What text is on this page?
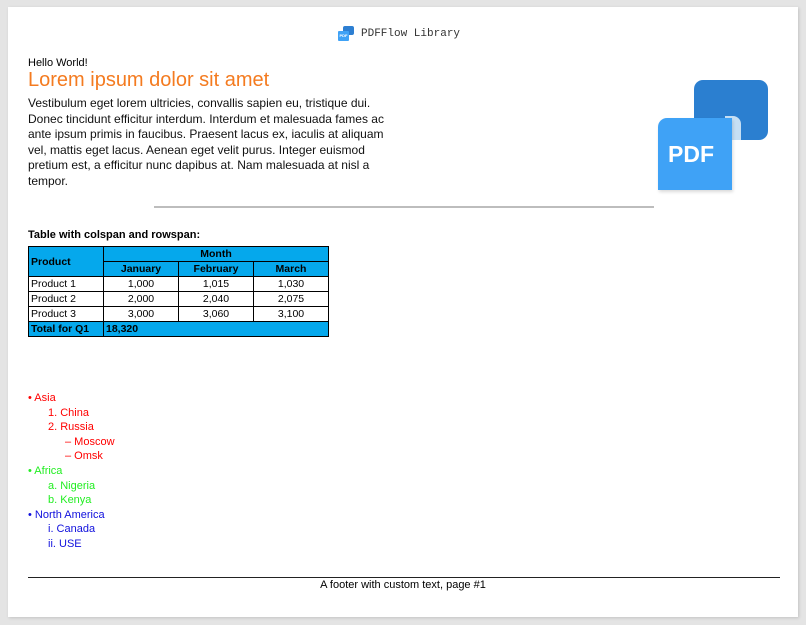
PDF PDFFlow Library
Hello World!
Lorem ipsum dolor sit amet
Vestibulum eget lorem ultricies, convallis sapien eu, tristique dui. Donec tincidunt efficitur interdum. Interdum et malesuada fames ac ante ipsum primis in faucibus. Praesent lacus ex, iaculis at aliquam vel, mattis eget lacus. Aenean eget velit purus. Integer euismod pretium est, a efficitur nunc dapibus at. Nam malesuada at nisl a tempor.
PDF
Table with colspan and rowspan:
Product	Month		
	January	February	March
Product 1	1,000	1,015	1,030
Product 2	2,000	2,040	2,075
Product 3	3,000	3,060	3,100
Total for Q1	18,320		
• Asia
1. China
2. Russia
– Moscow
– Omsk
• Africa
a. Nigeria
b. Kenya
• North America
i. Canada
ii. USE
A footer with custom text, page #1
